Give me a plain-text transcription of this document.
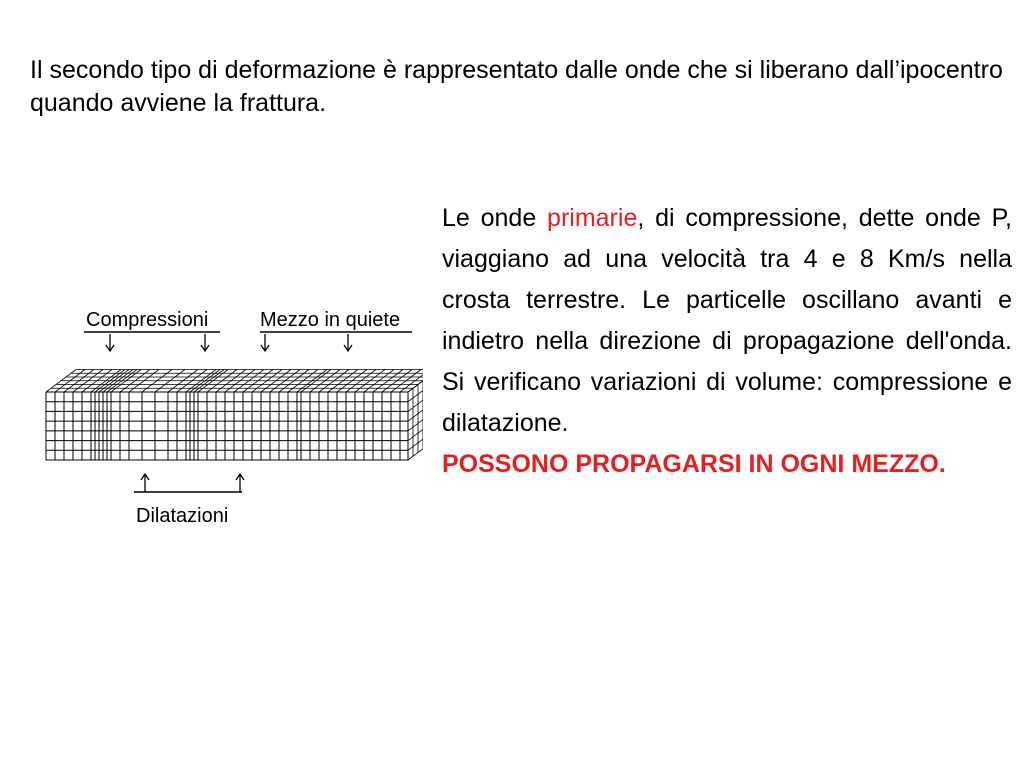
Il secondo tipo di deformazione è rappresentato dalle onde che si liberano dall’ipocentro quando avviene la frattura.

Le onde primarie, di compressione, dette onde P, viaggiano ad una velocità tra 4 e 8 Km/s nella crosta terrestre. Le particelle oscillano avanti e indietro nella direzione di propagazione dell'onda. Si verificano variazioni di volume: compressione e dilatazione.

POSSONO PROPAGARSI IN OGNI MEZZO.

Compressioni	Mezzo in quiete
Dilatazioni
